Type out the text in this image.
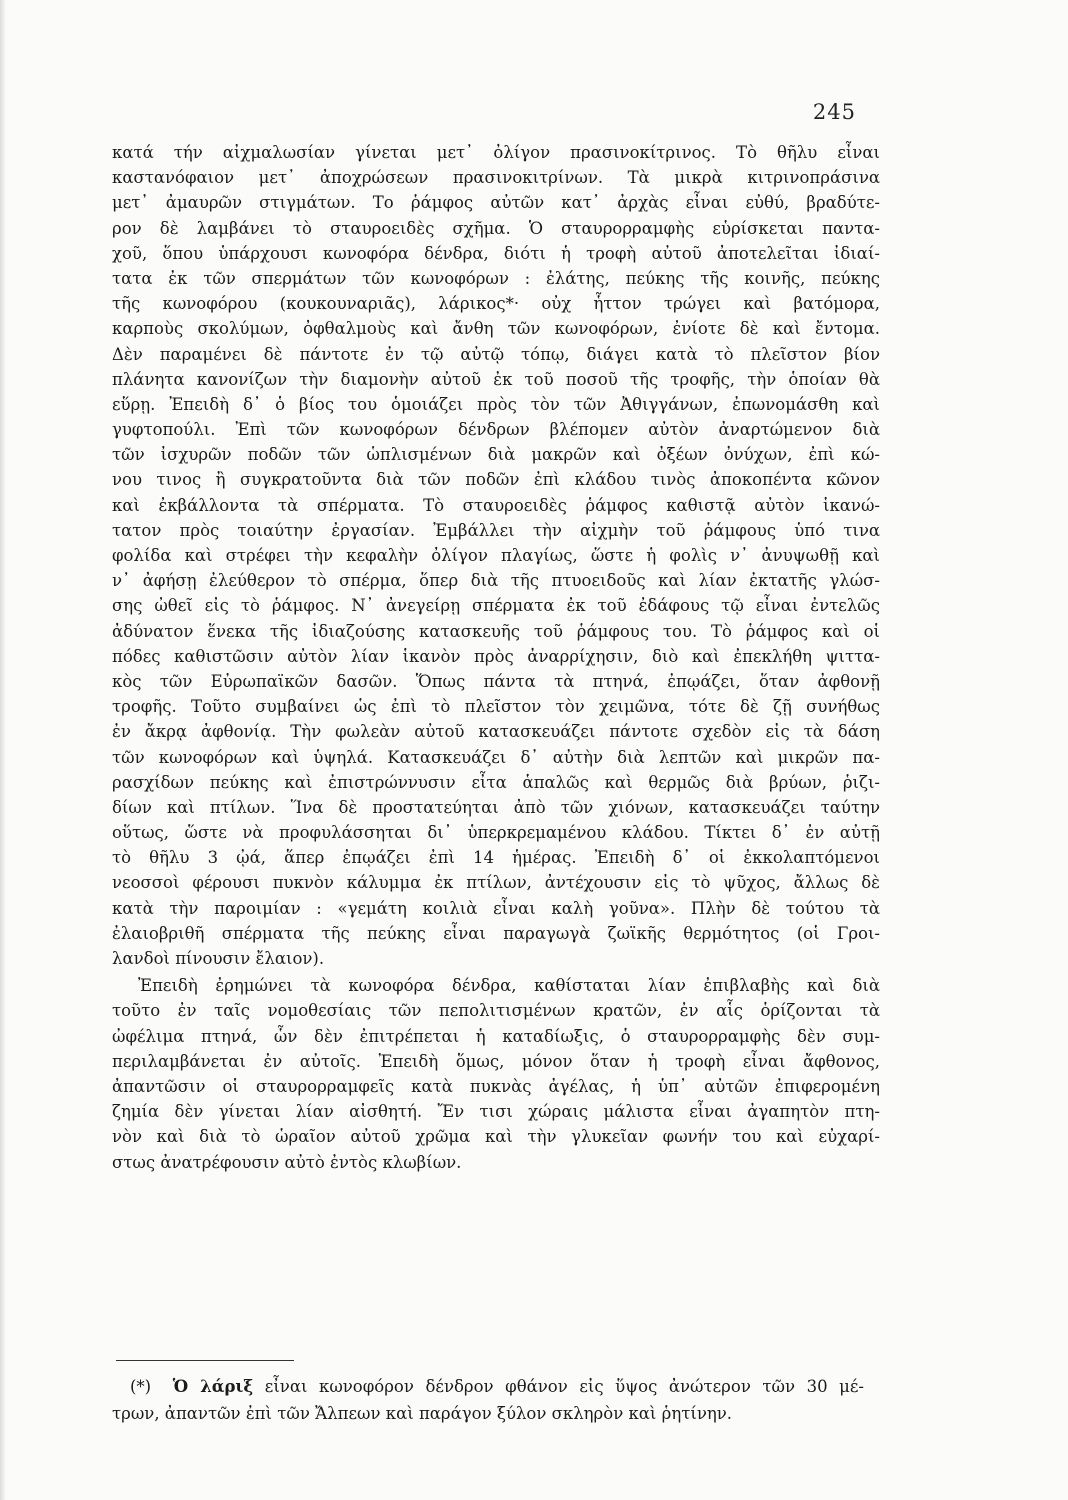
245
κατά τήν αἰχμαλωσίαν γίνεται μετ᾽ ὀλίγον πρασινοκίτρινος. Τὸ θῆλυ εἶναι
καστανόφαιον μετ᾽ ἀποχρώσεων πρασινοκιτρίνων. Τὰ μικρὰ κιτρινοπράσινα
μετ᾽ ἀμαυρῶν στιγμάτων. Το ῥάμφος αὐτῶν κατ᾽ ἀρχὰς εἶναι εὐθύ, βραδύτε-
ρον δὲ λαμβάνει τὸ σταυροειδὲς σχῆμα. Ὁ σταυρορραμφὴς εὑρίσκεται παντα-
χοῦ, ὅπου ὑπάρχουσι κωνοφόρα δένδρα, διότι ἡ τροφὴ αὐτοῦ ἀποτελεῖται ἰδιαί-
τατα ἐκ τῶν σπερμάτων τῶν κωνοφόρων : ἐλάτης, πεύκης τῆς κοινῆς, πεύκης
τῆς κωνοφόρου (κουκουναριᾶς), λάρικος*· οὐχ ἧττον τρώγει καὶ βατόμορα,
καρποὺς σκολύμων, ὀφθαλμοὺς καὶ ἄνθη τῶν κωνοφόρων, ἐνίοτε δὲ καὶ ἔντομα.
Δὲν παραμένει δὲ πάντοτε ἐν τῷ αὐτῷ τόπῳ, διάγει κατὰ τὸ πλεῖστον βίον
πλάνητα κανονίζων τὴν διαμονὴν αὐτοῦ ἐκ τοῦ ποσοῦ τῆς τροφῆς, τὴν ὁποίαν θὰ
εὕρῃ. Ἐπειδὴ δ᾽ ὁ βίος του ὁμοιάζει πρὸς τὸν τῶν Ἀθιγγάνων, ἐπωνομάσθη καὶ
γυφτοπούλι. Ἐπὶ τῶν κωνοφόρων δένδρων βλέπομεν αὐτὸν ἀναρτώμενον διὰ
τῶν ἰσχυρῶν ποδῶν τῶν ὡπλισμένων διὰ μακρῶν καὶ ὀξέων ὀνύχων, ἐπὶ κώ-
νου τινος ἢ συγκρατοῦντα διὰ τῶν ποδῶν ἐπὶ κλάδου τινὸς ἀποκοπέντα κῶνον
καὶ ἐκβάλλοντα τὰ σπέρματα. Τὸ σταυροειδὲς ῥάμφος καθιστᾷ αὐτὸν ἱκανώ-
τατον πρὸς τοιαύτην ἐργασίαν. Ἐμβάλλει τὴν αἰχμὴν τοῦ ῥάμφους ὑπό τινα
φολίδα καὶ στρέφει τὴν κεφαλὴν ὀλίγον πλαγίως, ὥστε ἡ φολὶς ν᾽ ἀνυψωθῇ καὶ
ν᾽ ἀφήσῃ ἐλεύθερον τὸ σπέρμα, ὅπερ διὰ τῆς πτυοειδοῦς καὶ λίαν ἐκτατῆς γλώσ-
σης ὠθεῖ εἰς τὸ ῥάμφος. Ν᾽ ἀνεγείρῃ σπέρματα ἐκ τοῦ ἐδάφους τῷ εἶναι ἐντελῶς
ἀδύνατον ἕνεκα τῆς ἰδιαζούσης κατασκευῆς τοῦ ῥάμφους του. Τὸ ῥάμφος καὶ οἱ
πόδες καθιστῶσιν αὐτὸν λίαν ἱκανὸν πρὸς ἀναρρίχησιν, διὸ καὶ ἐπεκλήθη ψιττα-
κὸς τῶν Εὐρωπαϊκῶν δασῶν. Ὅπως πάντα τὰ πτηνά, ἐπῳάζει, ὅταν ἀφθονῇ
τροφῆς. Τοῦτο συμβαίνει ὡς ἐπὶ τὸ πλεῖστον τὸν χειμῶνα, τότε δὲ ζῇ συνήθως
ἐν ἄκρᾳ ἀφθονίᾳ. Τὴν φωλεὰν αὐτοῦ κατασκευάζει πάντοτε σχεδὸν εἰς τὰ δάση
τῶν κωνοφόρων καὶ ὑψηλά. Κατασκευάζει δ᾽ αὐτὴν διὰ λεπτῶν καὶ μικρῶν πα-
ρασχίδων πεύκης καὶ ἐπιστρώννυσιν εἶτα ἁπαλῶς καὶ θερμῶς διὰ βρύων, ῥιζι-
δίων καὶ πτίλων. Ἵνα δὲ προστατεύηται ἀπὸ τῶν χιόνων, κατασκευάζει ταύτην
οὕτως, ὥστε νὰ προφυλάσσηται δι᾽ ὑπερκρεμαμένου κλάδου. Τίκτει δ᾽ ἐν αὐτῇ
τὸ θῆλυ 3 ᾠά, ἅπερ ἐπῳάζει ἐπὶ 14 ἡμέρας. Ἐπειδὴ δ᾽ οἱ ἐκκολαπτόμενοι
νεοσσοὶ φέρουσι πυκνὸν κάλυμμα ἐκ πτίλων, ἀντέχουσιν εἰς τὸ ψῦχος, ἄλλως δὲ
κατὰ τὴν παροιμίαν : «γεμάτη κοιλιὰ εἶναι καλὴ γοῦνα». Πλὴν δὲ τούτου τὰ
ἐλαιοβριθῆ σπέρματα τῆς πεύκης εἶναι παραγωγὰ ζωϊκῆς θερμότητος (οἱ Γροι-
λανδοὶ πίνουσιν ἔλαιον).
Ἐπειδὴ ἐρημώνει τὰ κωνοφόρα δένδρα, καθίσταται λίαν ἐπιβλαβὴς καὶ διὰ
τοῦτο ἐν ταῖς νομοθεσίαις τῶν πεπολιτισμένων κρατῶν, ἐν αἷς ὁρίζονται τὰ
ὠφέλιμα πτηνά, ὧν δὲν ἐπιτρέπεται ἡ καταδίωξις, ὁ σταυρορραμφὴς δὲν συμ-
περιλαμβάνεται ἐν αὐτοῖς. Ἐπειδὴ ὅμως, μόνον ὅταν ἡ τροφὴ εἶναι ἄφθονος,
ἀπαντῶσιν οἱ σταυρορραμφεῖς κατὰ πυκνὰς ἀγέλας, ἡ ὑπ᾽ αὐτῶν ἐπιφερομένη
ζημία δὲν γίνεται λίαν αἰσθητή. Ἔν τισι χώραις μάλιστα εἶναι ἀγαπητὸν πτη-
νὸν καὶ διὰ τὸ ὡραῖον αὐτοῦ χρῶμα καὶ τὴν γλυκεῖαν φωνήν του καὶ εὐχαρί-
στως ἀνατρέφουσιν αὐτὸ ἐντὸς κλωβίων.
(*) Ὁ λάριξ εἶναι κωνοφόρον δένδρον φθάνον εἰς ὕψος ἀνώτερον τῶν 30 μέ-
τρων, ἀπαντῶν ἐπὶ τῶν Ἄλπεων καὶ παράγον ξύλον σκληρὸν καὶ ῥητίνην.
